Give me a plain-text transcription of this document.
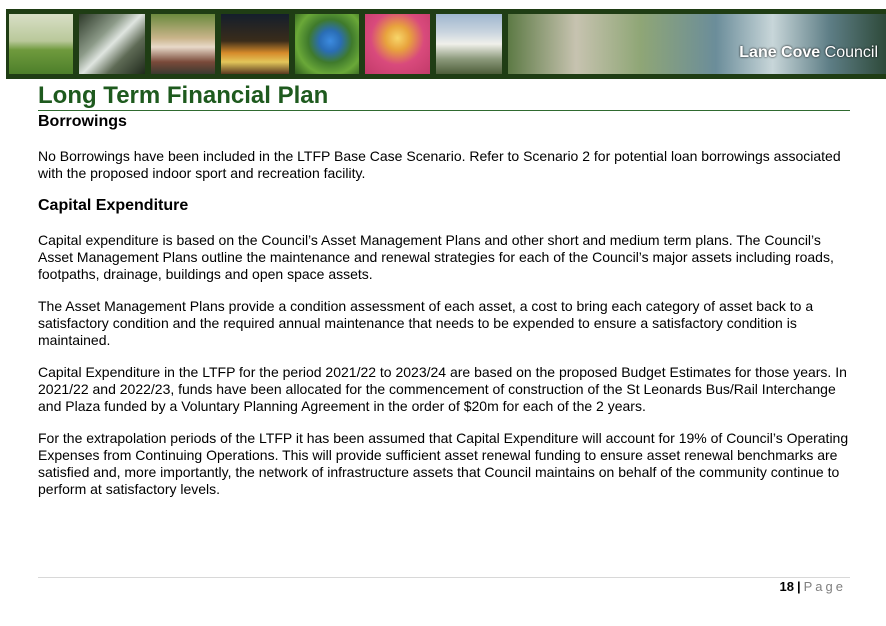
Lane Cove Council
Long Term Financial Plan
Borrowings

No Borrowings have been included in the LTFP Base Case Scenario. Refer to Scenario 2 for potential loan borrowings associated with the proposed indoor sport and recreation facility.

Capital Expenditure

Capital expenditure is based on the Council’s Asset Management Plans and other short and medium term plans. The Council’s Asset Management Plans outline the maintenance and renewal strategies for each of the Council’s major assets including roads, footpaths, drainage, buildings and open space assets.

The Asset Management Plans provide a condition assessment of each asset, a cost to bring each category of asset back to a satisfactory condition and the required annual maintenance that needs to be expended to ensure a satisfactory condition is maintained.

Capital Expenditure in the LTFP for the period 2021/22 to 2023/24 are based on the proposed Budget Estimates for those years. In 2021/22 and 2022/23, funds have been allocated for the commencement of construction of the St Leonards Bus/Rail Interchange and Plaza funded by a Voluntary Planning Agreement in the order of $20m for each of the 2 years.

For the extrapolation periods of the LTFP it has been assumed that Capital Expenditure will account for 19% of Council’s Operating Expenses from Continuing Operations. This will provide sufficient asset renewal funding to ensure asset renewal benchmarks are satisfied and, more importantly, the network of infrastructure assets that Council maintains on behalf of the community continue to perform at satisfactory levels.

18 | Page
